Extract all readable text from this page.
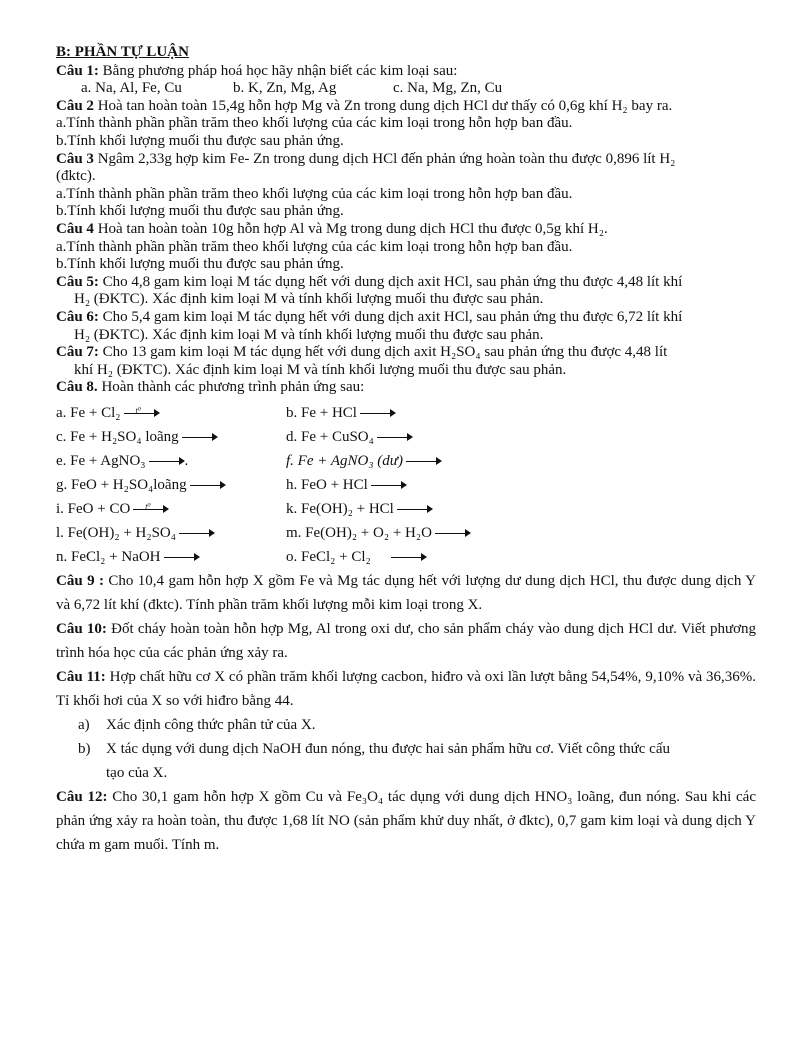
B: PHẦN TỰ LUẬN
Câu 1: Bằng phương pháp hoá học hãy nhận biết các kim loại sau:
a. Na, Al, Fe, Cu	b. K, Zn, Mg, Ag	c. Na, Mg, Zn, Cu
Câu 2 Hoà tan hoàn toàn 15,4g hỗn hợp Mg và Zn trong dung dịch HCl dư thấy có 0,6g khí H₂ bay ra.
a.Tính thành phần phần trăm theo khối lượng của các kim loại trong hỗn hợp ban đầu.
b.Tính khối lượng muối thu được sau phản ứng.
Câu 3 Ngâm 2,33g hợp kim Fe- Zn trong dung dịch HCl đến phản ứng hoàn toàn thu được 0,896 lít H₂
(đktc).
a.Tính thành phần phần trăm theo khối lượng của các kim loại trong hỗn hợp ban đầu.
b.Tính khối lượng muối thu được sau phản ứng.
Câu 4 Hoà tan hoàn toàn 10g hỗn hợp Al và Mg trong dung dịch HCl thu được 0,5g khí H₂.
a.Tính thành phần phần trăm theo khối lượng của các kim loại trong hỗn hợp ban đầu.
b.Tính khối lượng muối thu được sau phản ứng.
Câu 5: Cho 4,8 gam kim loại M tác dụng hết với dung dịch axit HCl, sau phản ứng thu được 4,48 lít khí
H₂ (ĐKTC). Xác định kim loại M và tính khối lượng muối thu được sau phản.
Câu 6: Cho 5,4 gam kim loại M tác dụng hết với dung dịch axit HCl, sau phản ứng thu được 6,72 lít khí
H₂ (ĐKTC). Xác định kim loại M và tính khối lượng muối thu được sau phản.
Câu 7: Cho 13 gam kim loại M tác dụng hết với dung dịch axit H₂SO₄ sau phản ứng thu được 4,48 lít
khí H₂ (ĐKTC). Xác định kim loại M và tính khối lượng muối thu được sau phản.
Câu 8. Hoàn thành các phương trình phản ứng sau:
a. Fe + Cl₂ t⁰	b. Fe + HCl
c. Fe + H₂SO₄ loãng	d. Fe + CuSO₄
e. Fe + AgNO₃	.	f. Fe + AgNO₃ (dư)
g. FeO + H₂SO₄loãng	h. FeO + HCl
i. FeO + CO t⁰	k. Fe(OH)₂ + HCl
l. Fe(OH)₂ + H₂SO₄	m. Fe(OH)₂ + O₂ + H₂O
n. FeCl₂ + NaOH	o. FeCl₂ + Cl₂
Câu 9 : Cho 10,4 gam hỗn hợp X gồm Fe và Mg tác dụng hết với lượng dư dung dịch HCl, thu được dung dịch Y và 6,72 lít khí (đktc). Tính phần trăm khối lượng mỗi kim loại trong X.
Câu 10: Đốt cháy hoàn toàn hỗn hợp Mg, Al trong oxi dư, cho sản phẩm cháy vào dung dịch HCl dư. Viết phương trình hóa học của các phản ứng xảy ra.
Câu 11: Hợp chất hữu cơ X có phần trăm khối lượng cacbon, hiđro và oxi lần lượt bằng 54,54%, 9,10% và 36,36%. Tỉ khối hơi của X so với hiđro bằng 44.
a) Xác định công thức phân tử của X.
b) X tác dụng với dung dịch NaOH đun nóng, thu được hai sản phẩm hữu cơ. Viết công thức cấu
tạo của X.
Câu 12: Cho 30,1 gam hỗn hợp X gồm Cu và Fe₃O₄ tác dụng với dung dịch HNO₃ loãng, đun nóng. Sau khi các phản ứng xảy ra hoàn toàn, thu được 1,68 lít NO (sản phẩm khử duy nhất, ở đktc), 0,7 gam kim loại và dung dịch Y chứa m gam muối. Tính m.
